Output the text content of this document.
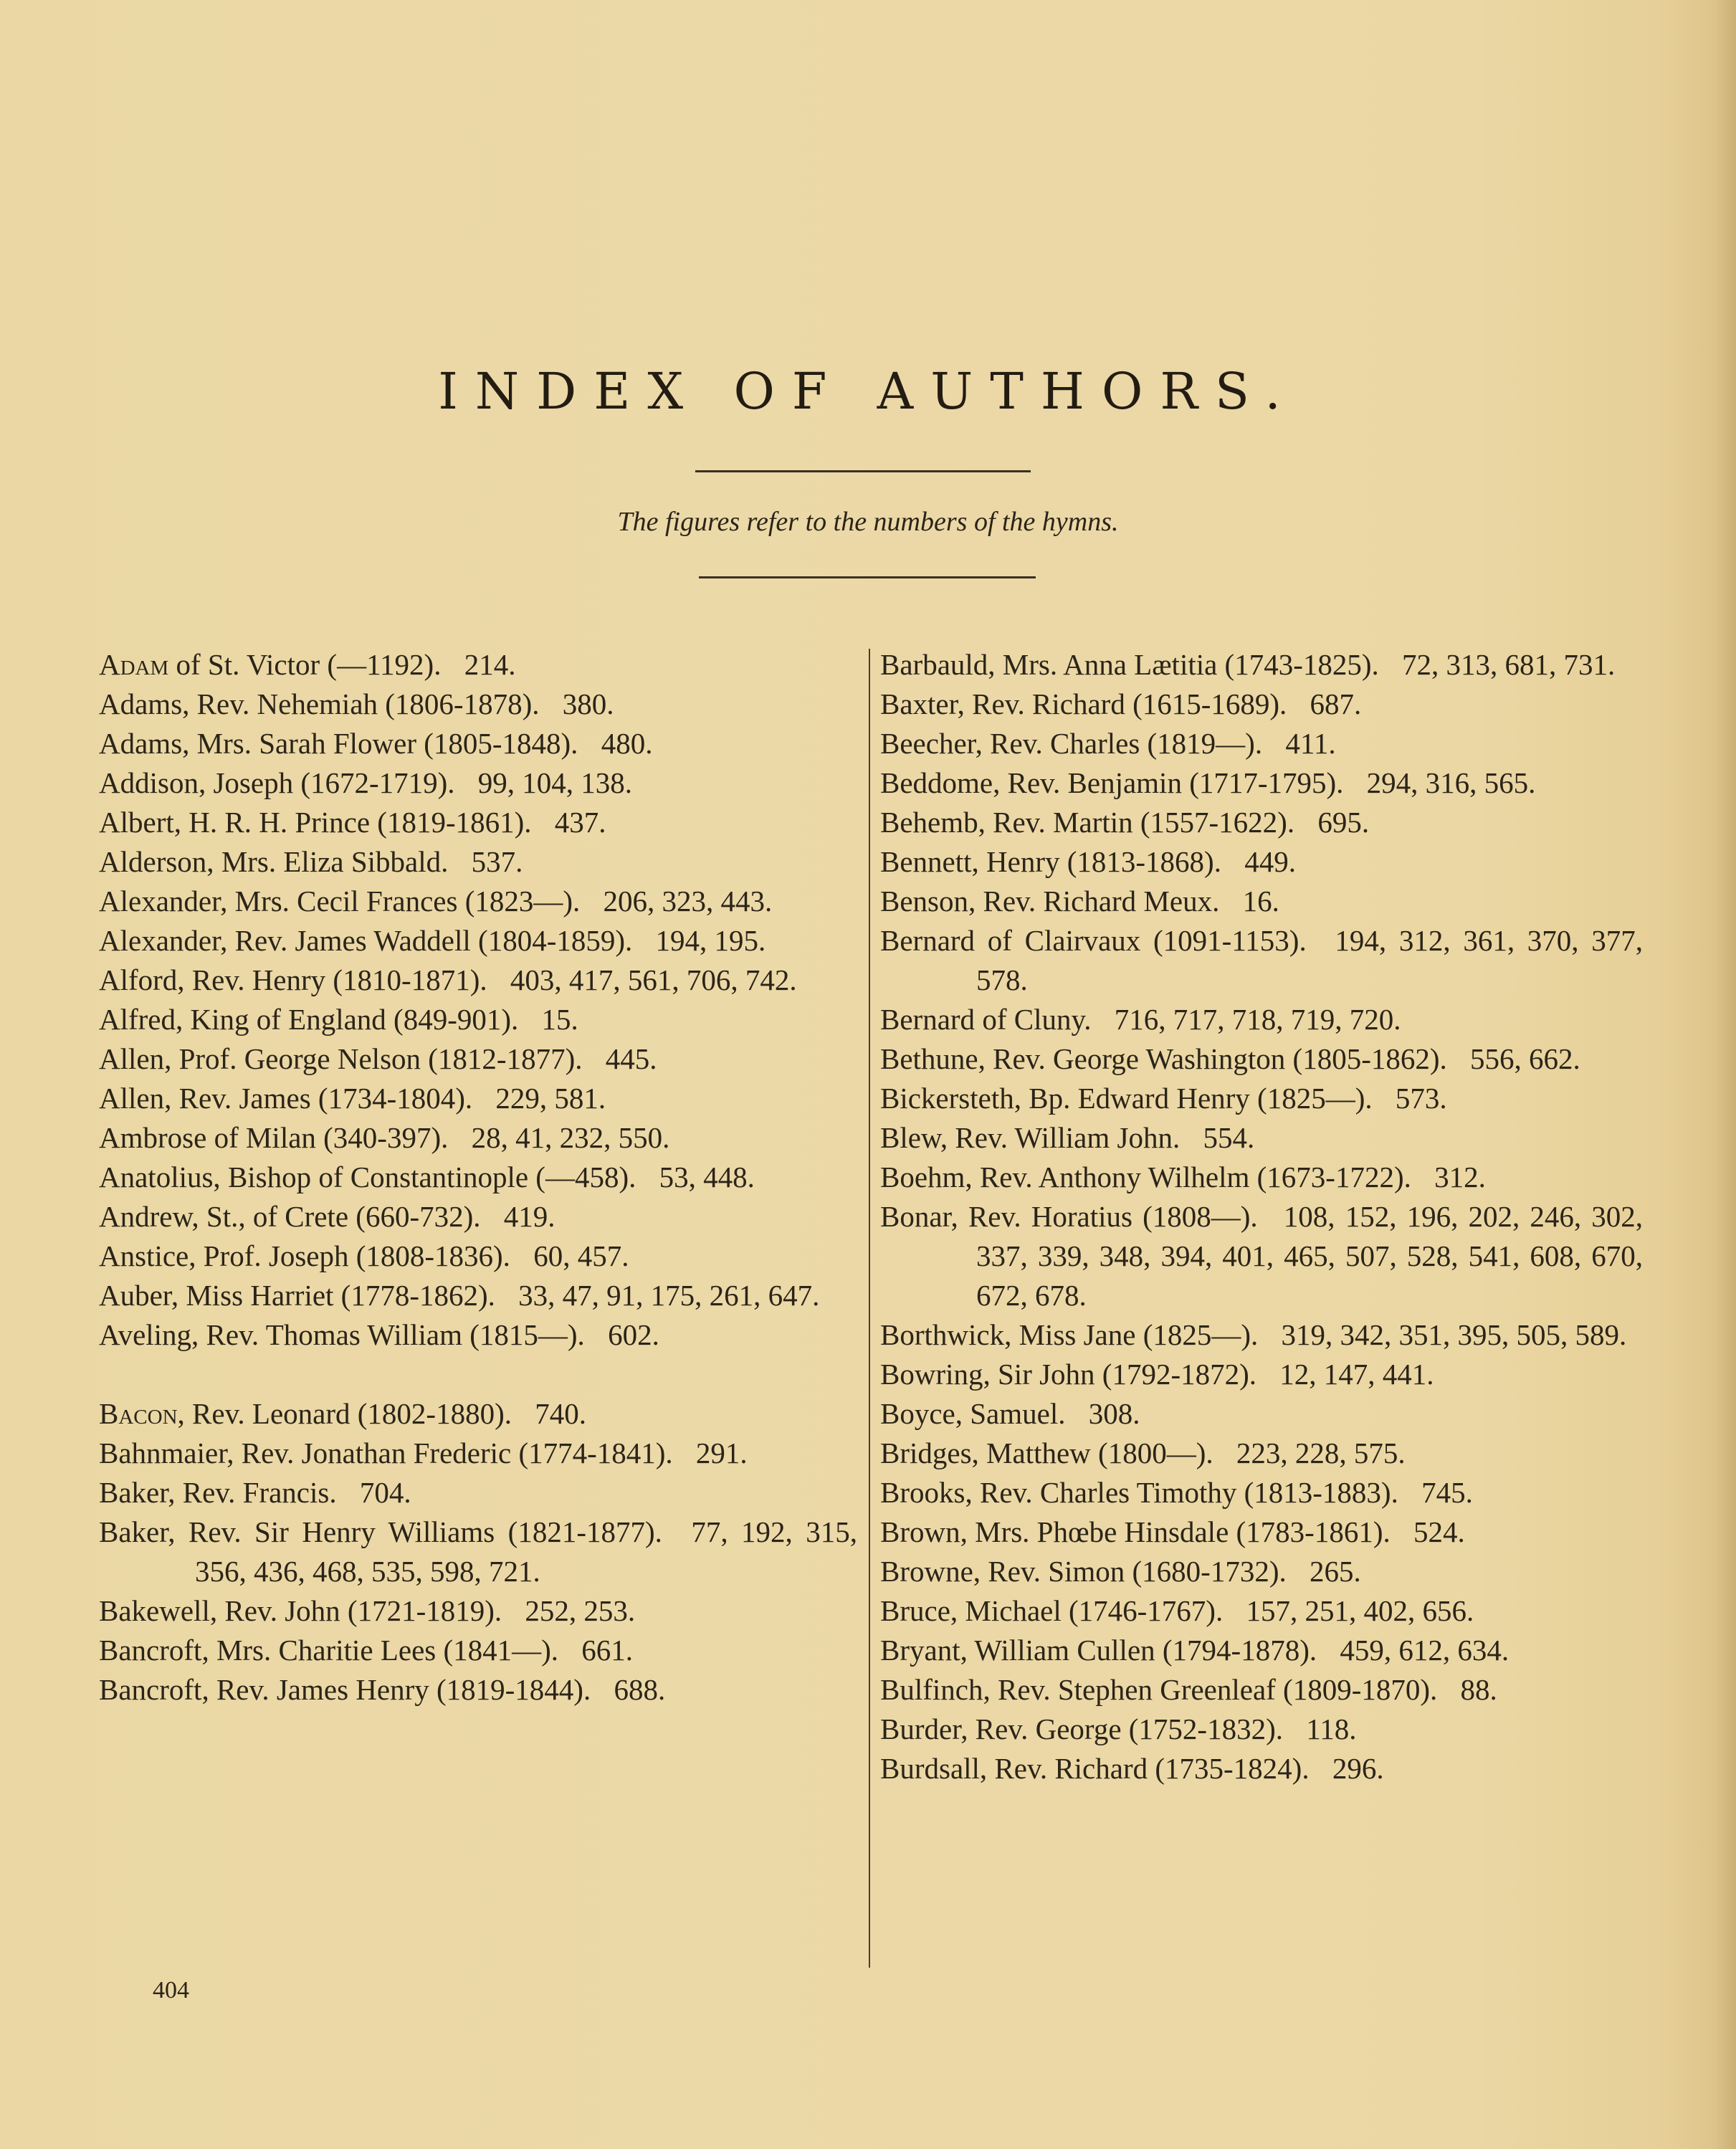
INDEX OF AUTHORS.
The figures refer to the numbers of the hymns.
Adam of St. Victor (—1192). 214.
Adams, Rev. Nehemiah (1806-1878). 380.
Adams, Mrs. Sarah Flower (1805-1848). 480.
Addison, Joseph (1672-1719). 99, 104, 138.
Albert, H. R. H. Prince (1819-1861). 437.
Alderson, Mrs. Eliza Sibbald. 537.
Alexander, Mrs. Cecil Frances (1823—). 206, 323, 443.
Alexander, Rev. James Waddell (1804-1859). 194, 195.
Alford, Rev. Henry (1810-1871). 403, 417, 561, 706, 742.
Alfred, King of England (849-901). 15.
Allen, Prof. George Nelson (1812-1877). 445.
Allen, Rev. James (1734-1804). 229, 581.
Ambrose of Milan (340-397). 28, 41, 232, 550.
Anatolius, Bishop of Constantinople (—458). 53, 448.
Andrew, St., of Crete (660-732). 419.
Anstice, Prof. Joseph (1808-1836). 60, 457.
Auber, Miss Harriet (1778-1862). 33, 47, 91, 175, 261, 647.
Aveling, Rev. Thomas William (1815—). 602.
Bacon, Rev. Leonard (1802-1880). 740.
Bahnmaier, Rev. Jonathan Frederic (1774-1841). 291.
Baker, Rev. Francis. 704.
Baker, Rev. Sir Henry Williams (1821-1877). 77, 192, 315, 356, 436, 468, 535, 598, 721.
Bakewell, Rev. John (1721-1819). 252, 253.
Bancroft, Mrs. Charitie Lees (1841—). 661.
Bancroft, Rev. James Henry (1819-1844). 688.
Barbauld, Mrs. Anna Lætitia (1743-1825). 72, 313, 681, 731.
Baxter, Rev. Richard (1615-1689). 687.
Beecher, Rev. Charles (1819—). 411.
Beddome, Rev. Benjamin (1717-1795). 294, 316, 565.
Behemb, Rev. Martin (1557-1622). 695.
Bennett, Henry (1813-1868). 449.
Benson, Rev. Richard Meux. 16.
Bernard of Clairvaux (1091-1153). 194, 312, 361, 370, 377, 578.
Bernard of Cluny. 716, 717, 718, 719, 720.
Bethune, Rev. George Washington (1805-1862). 556, 662.
Bickersteth, Bp. Edward Henry (1825—). 573.
Blew, Rev. William John. 554.
Boehm, Rev. Anthony Wilhelm (1673-1722). 312.
Bonar, Rev. Horatius (1808—). 108, 152, 196, 202, 246, 302, 337, 339, 348, 394, 401, 465, 507, 528, 541, 608, 670, 672, 678.
Borthwick, Miss Jane (1825—). 319, 342, 351, 395, 505, 589.
Bowring, Sir John (1792-1872). 12, 147, 441.
Boyce, Samuel. 308.
Bridges, Matthew (1800—). 223, 228, 575.
Brooks, Rev. Charles Timothy (1813-1883). 745.
Brown, Mrs. Phœbe Hinsdale (1783-1861). 524.
Browne, Rev. Simon (1680-1732). 265.
Bruce, Michael (1746-1767). 157, 251, 402, 656.
Bryant, William Cullen (1794-1878). 459, 612, 634.
Bulfinch, Rev. Stephen Greenleaf (1809-1870). 88.
Burder, Rev. George (1752-1832). 118.
Burdsall, Rev. Richard (1735-1824). 296.
404
